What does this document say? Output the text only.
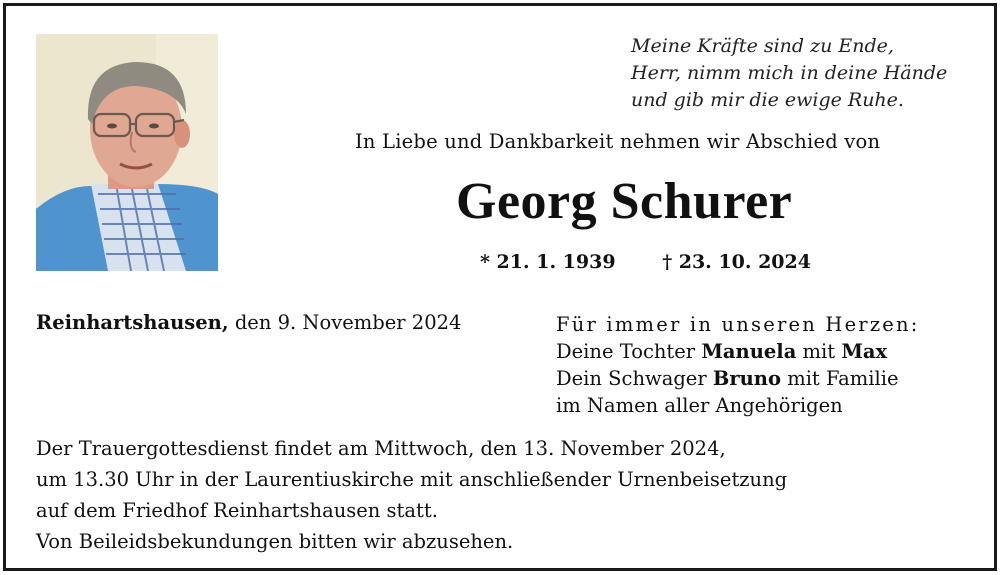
Meine Kräfte sind zu Ende,
Herr, nimm mich in deine Hände
und gib mir die ewige Ruhe.
In Liebe und Dankbarkeit nehmen wir Abschied von
Georg Schurer
* 21. 1. 1939 † 23. 10. 2024
Reinhartshausen, den 9. November 2024	Für immer in unseren Herzen:
Deine Tochter Manuela mit Max
Dein Schwager Bruno mit Familie
im Namen aller Angehörigen
Der Trauergottesdienst findet am Mittwoch, den 13. November 2024,
um 13.30 Uhr in der Laurentiuskirche mit anschließender Urnenbeisetzung
auf dem Friedhof Reinhartshausen statt.
Von Beileidsbekundungen bitten wir abzusehen.
